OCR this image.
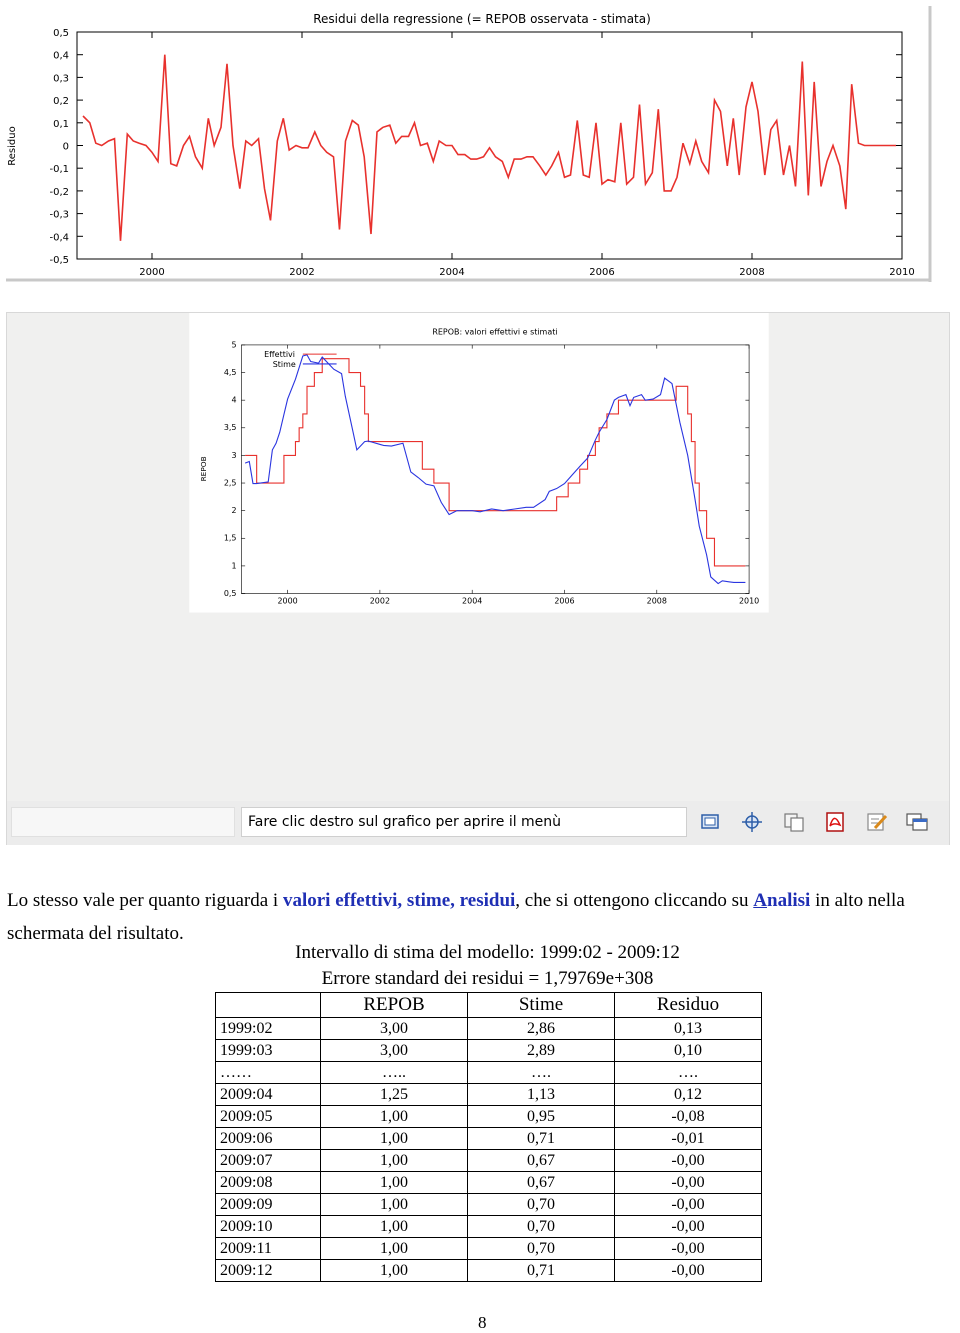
Residui della regressione (= REPOB osservata - stimata)
Residuo
0,5
0,4
0,3
0,2
0,1
0
-0,1
-0,2
-0,3
-0,4
-0,5
2000	2002	2004	2006	2008	2010
REPOB: valori effettivi e stimati
REPOB
5
4,5
4
3,5
3
2,5
2
1,5
1
0,5
2000	2002	2004	2006	2008	2010
Effettivi
Stime
Fare clic destro sul grafico per aprire il menù
Lo stesso vale per quanto riguarda i valori effettivi, stime, residui, che si ottengono cliccando su Analisi in alto nella schermata del risultato.
Intervallo di stima del modello: 1999:02 - 2009:12
Errore standard dei residui = 1,79769e+308
	REPOB	Stime	Residuo
1999:02	3,00	2,86	0,13
1999:03	3,00	2,89	0,10
……	…..	….	….
2009:04	1,25	1,13	0,12
2009:05	1,00	0,95	-0,08
2009:06	1,00	0,71	-0,01
2009:07	1,00	0,67	-0,00
2009:08	1,00	0,67	-0,00
2009:09	1,00	0,70	-0,00
2009:10	1,00	0,70	-0,00
2009:11	1,00	0,70	-0,00
2009:12	1,00	0,71	-0,00
8
